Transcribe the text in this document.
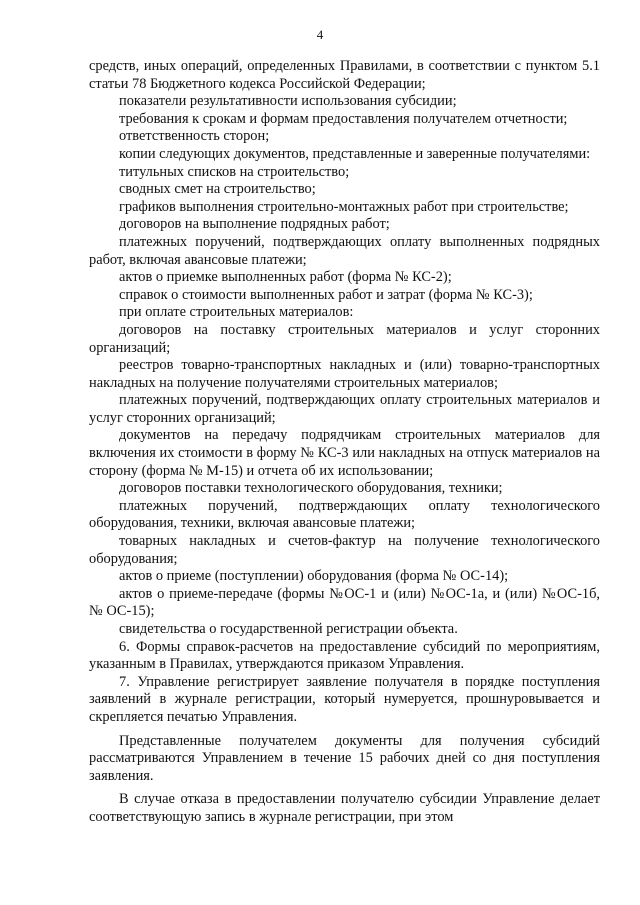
4

средств, иных операций, определенных Правилами, в соответствии с пунктом 5.1 статьи 78 Бюджетного кодекса Российской Федерации;

показатели результативности использования субсидии;

требования к срокам и формам предоставления получателем отчетности;

ответственность сторон;

копии следующих документов, представленные и заверенные получателями:

титульных списков на строительство;

сводных смет на строительство;

графиков выполнения строительно-монтажных работ при строительстве;

договоров на выполнение подрядных работ;

платежных поручений, подтверждающих оплату выполненных подрядных работ, включая авансовые платежи;

актов о приемке выполненных работ (форма № КС-2);

справок о стоимости выполненных работ и затрат (форма № КС-3);

при оплате строительных материалов:

договоров на поставку строительных материалов и услуг сторонних организаций;

реестров товарно-транспортных накладных и (или) товарно-транспортных накладных на получение получателями строительных материалов;

платежных поручений, подтверждающих оплату строительных материалов и услуг сторонних организаций;

документов на передачу подрядчикам строительных материалов для включения их стоимости в форму № КС-3 или накладных на отпуск материалов на сторону (форма № М-15) и отчета об их использовании;

договоров поставки технологического оборудования, техники;

платежных поручений, подтверждающих оплату технологического оборудования, техники, включая авансовые платежи;

товарных накладных и счетов-фактур на получение технологического оборудования;

актов о приеме (поступлении) оборудования (форма № ОС-14);

актов о приеме-передаче (формы №ОС-1 и (или) №ОС-1а, и (или) №ОС-1б, № ОС-15);

свидетельства о государственной регистрации объекта.

6. Формы справок-расчетов на предоставление субсидий по мероприятиям, указанным в Правилах, утверждаются приказом Управления.

7. Управление регистрирует заявление получателя в порядке поступления заявлений в журнале регистрации, который нумеруется, прошнуровывается и скрепляется печатью Управления.

Представленные получателем документы для получения субсидий рассматриваются Управлением в течение 15 рабочих дней со дня поступления заявления.

В случае отказа в предоставлении получателю субсидии Управление делает соответствующую запись в журнале регистрации, при этом
